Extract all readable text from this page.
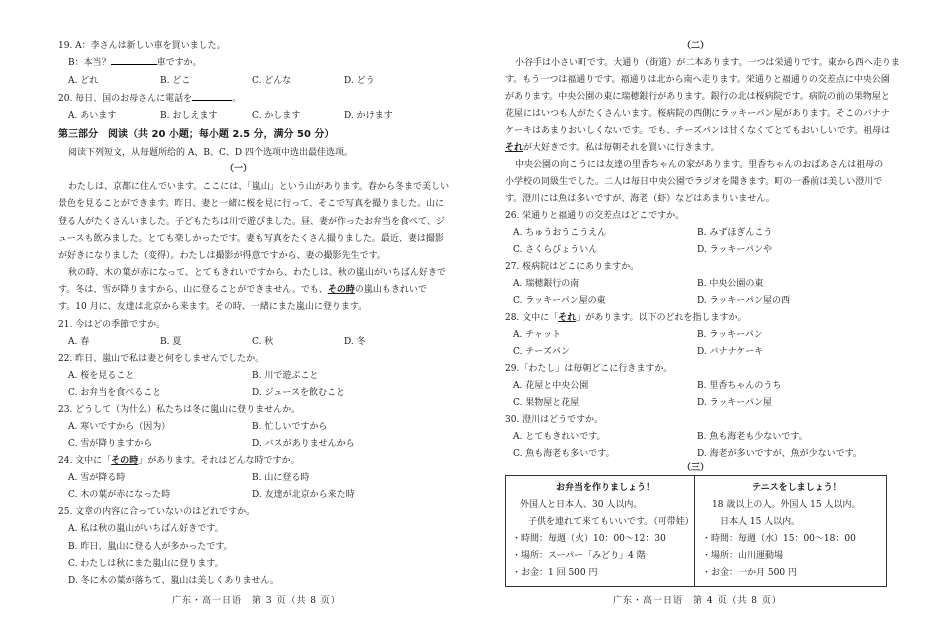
19. A：李さんは新しい車を買いました。
B：本当？	車ですか。
A. どれ	B. どこ	C. どんな	D. どう
20. 毎日、国のお母さんに電話を	。
A. あいます	B. おしえます	C. かします	D. かけます
第三部分　阅读（共 20 小题；每小题 2.5 分，满分 50 分）
阅读下列短文，从每题所给的 A、B、C、D 四个选项中选出最佳选项。
（一）
わたしは、京都に住んでいます。ここには、「嵐山」という山があります。春から冬まで美しい
景色を見ることができます。昨日、妻と一緒に桜を見に行って、そこで写真を撮りました。山に
登る人がたくさんいました。子どもたちは川で遊びました。昼、妻が作ったお弁当を食べて、ジ
ュースも飲みました。とても楽しかったです。妻も写真をたくさん撮りました。最近、妻は撮影
が好きになりました（変得）。わたしは撮影が得意ですから、妻の撮影先生です。
秋の時、木の葉が赤になって、とてもきれいですから、わたしは、秋の嵐山がいちばん好きで
す。冬は、雪が降りますから、山に登ることができません。でも、その時の嵐山もきれいで
す。10 月に、友達は北京から来ます。その時、一緒にまた嵐山に登ります。
21. 今はどの季節ですか。
A. 春	B. 夏	C. 秋	D. 冬
22. 昨日、嵐山で私は妻と何をしませんでしたか。
A. 桜を見ること	B. 川で遊ぶこと
C. お弁当を食べること	D. ジュースを飲むこと
23. どうして（为什么）私たちは冬に嵐山に登りませんか。
A. 寒いですから（因为）	B. 忙しいですから
C. 雪が降りますから	D. バスがありませんから
24. 文中に「その時」があります。それはどんな時ですか。
A. 雪が降る時	B. 山に登る時
C. 木の葉が赤になった時	D. 友達が北京から来た時
25. 文章の内容に合っていないのはどれですか。
A. 私は秋の嵐山がいちばん好きです。
B. 昨日、嵐山に登る人が多かったです。
C. わたしは秋にまた嵐山に登ります。
D. 冬に木の葉が落ちて、嵐山は美しくありません。
广东・高一日语　第 3 页（共 8 页）
（二）
小谷手は小さい町です。大通り（街道）が二本あります。一つは栄通りです。東から西へ走りま
す。もう一つは福通りです。福通りは北から南へ走ります。栄通りと福通りの交差点に中央公園
があります。中央公園の東に瑞穂銀行があります。銀行の北は桜病院です。病院の前の果物屋と
花屋にはいつも人がたくさんいます。桜病院の西側にラッキーパン屋があります。そこのバナナ
ケーキはあまりおいしくないです。でも、チーズパンは甘くなくてとてもおいしいです。祖母は
それが大好きです。私は毎朝それを買いに行きます。
中央公園の向こうには友達の里香ちゃんの家があります。里香ちゃんのおばあさんは祖母の
小学校の同級生でした。二人は毎日中央公園でラジオを聞きます。町の一番前は美しい澄川で
す。澄川には魚は多いですが、海老（虾）などはあまりいません。
26. 栄通りと福通りの交差点はどこですか。
A. ちゅうおうこうえん	B. みずほぎんこう
C. さくらびょういん	D. ラッキーパンや
27. 桜病院はどこにありますか。
A. 瑞穂銀行の南	B. 中央公園の東
C. ラッキーパン屋の東	D. ラッキーパン屋の西
28. 文中に「それ」があります。以下のどれを指しますか。
A. チャット	B. ラッキーパン
C. チーズパン	D. バナナケーキ
29.「わたし」は毎朝どこに行きますか。
A. 花屋と中央公園	B. 里香ちゃんのうち
C. 果物屋と花屋	D. ラッキーパン屋
30. 澄川はどうですか。
A. とてもきれいです。	B. 魚も海老も少ないです。
C. 魚も海老も多いです。	D. 海老が多いですが、魚が少ないです。
（三）
お弁当を作りましょう！
外国人と日本人、30 人以内。
子供を連れて来てもいいです。（可带娃）
・時間：毎週（火）10：00～12：30
・場所：スーパー「みどり」4 階
・お金：1 回 500 円
テニスをしましょう！
18 歳以上の人。外国人 15 人以内。
日本人 15 人以内。
・時間：毎週（水）15：00～18：00
・場所：山川運動場
・お金：一か月 500 円
广东・高一日语　第 4 页（共 8 页）
